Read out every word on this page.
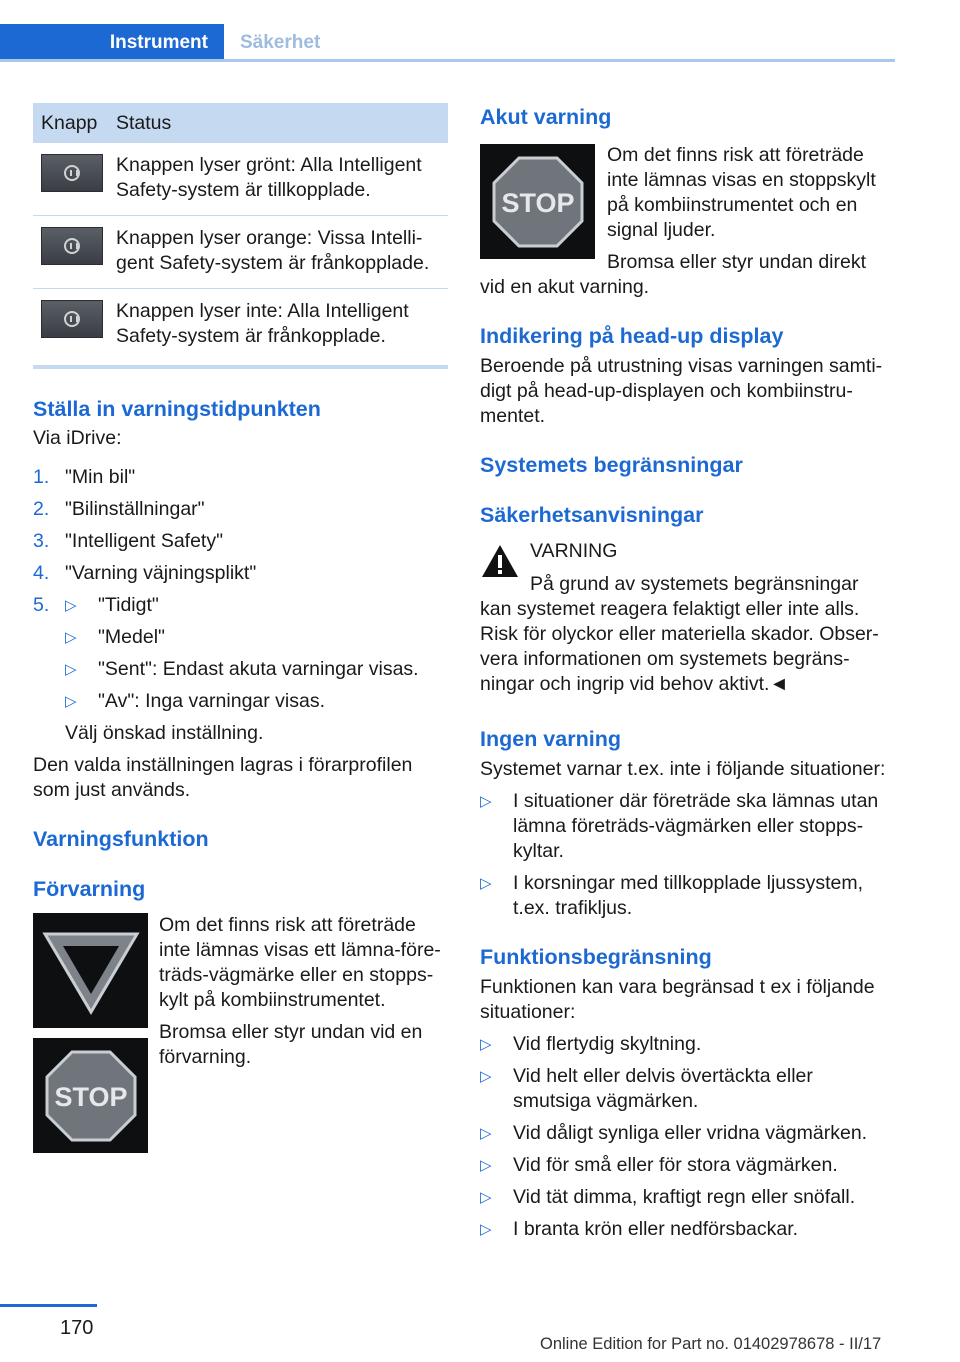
Instrument	Säkerhet
Knapp Status
Knappen lyser grönt: Alla Intelligent Safety-system är tillkopplade.
Knappen lyser orange: Vissa Intelli-gent Safety-system är frånkopplade.
Knappen lyser inte: Alla Intelligent Safety-system är frånkopplade.
Ställa in varningstidpunkten

Via iDrive:

1. "Min bil"
2. "Bilinställningar"
3. "Intelligent Safety"
4. "Varning väjningsplikt"
5.	▷	"Tidigt"
▷	"Medel"
▷	"Sent": Endast akuta varningar visas.
▷	"Av": Inga varningar visas.

Välj önskad inställning.

Den valda inställningen lagras i förarprofilen som just används.

Varningsfunktion
Förvarning
STOP

Om det finns risk att företräde inte lämnas visas ett lämna-före-träds-vägmärke eller en stopps-kylt på kombiinstrumentet.

Bromsa eller styr undan vid en förvarning.

Akut varning
STOP

Om det finns risk att företräde inte lämnas visas en stoppskylt på kombiinstrumentet och en signal ljuder.

Bromsa eller styr undan direkt vid en akut varning.

Indikering på head-up display

Beroende på utrustning visas varningen samti-digt på head-up-displayen och kombiinstru-mentet.

Systemets begränsningar
Säkerhetsanvisningar

VARNING

På grund av systemets begränsningar

kan systemet reagera felaktigt eller inte alls. Risk för olyckor eller materiella skador. Obser-vera informationen om systemets begräns-ningar och ingrip vid behov aktivt.◄

Ingen varning

Systemet varnar t.ex. inte i följande situationer:

▷	I situationer där företräde ska lämnas utan lämna företräds-vägmärken eller stopps-kyltar.
▷	I korsningar med tillkopplade ljussystem, t.ex. trafikljus.
Funktionsbegränsning

Funktionen kan vara begränsad t ex i följande situationer:

▷	Vid flertydig skyltning.
▷	Vid helt eller delvis övertäckta eller smutsiga vägmärken.
▷	Vid dåligt synliga eller vridna vägmärken.
▷	Vid för små eller för stora vägmärken.
▷	Vid tät dimma, kraftigt regn eller snöfall.
▷	I branta krön eller nedförsbackar.
170
Online Edition for Part no. 01402978678 - II/17
